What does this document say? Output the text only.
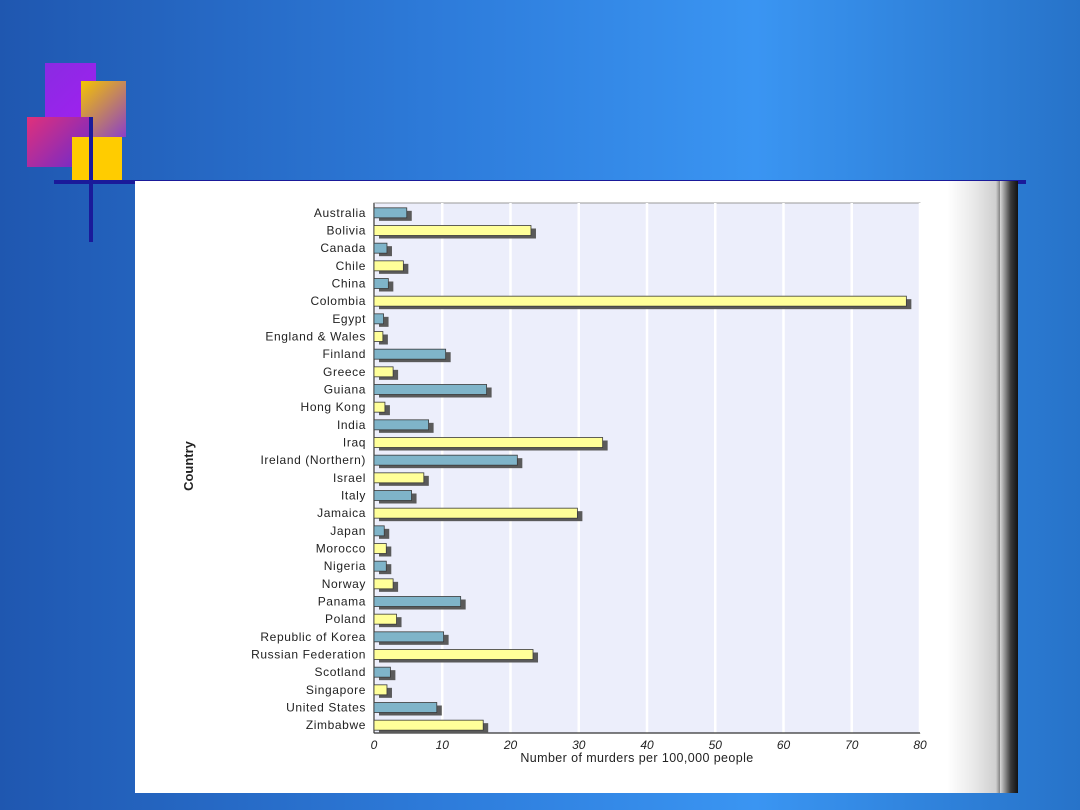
Australia
Bolivia
Canada
Chile
China
Colombia
Egypt
England & Wales
Finland
Greece
Guiana
Hong Kong
India
Iraq
Ireland (Northern)
Israel
Italy
Jamaica
Japan
Morocco
Nigeria
Norway
Panama
Poland
Republic of Korea
Russian Federation
Scotland
Singapore
United States
Zimbabwe
0	10	20	30	40	50	60	70	80
Number of murders per 100,000 people
Country
